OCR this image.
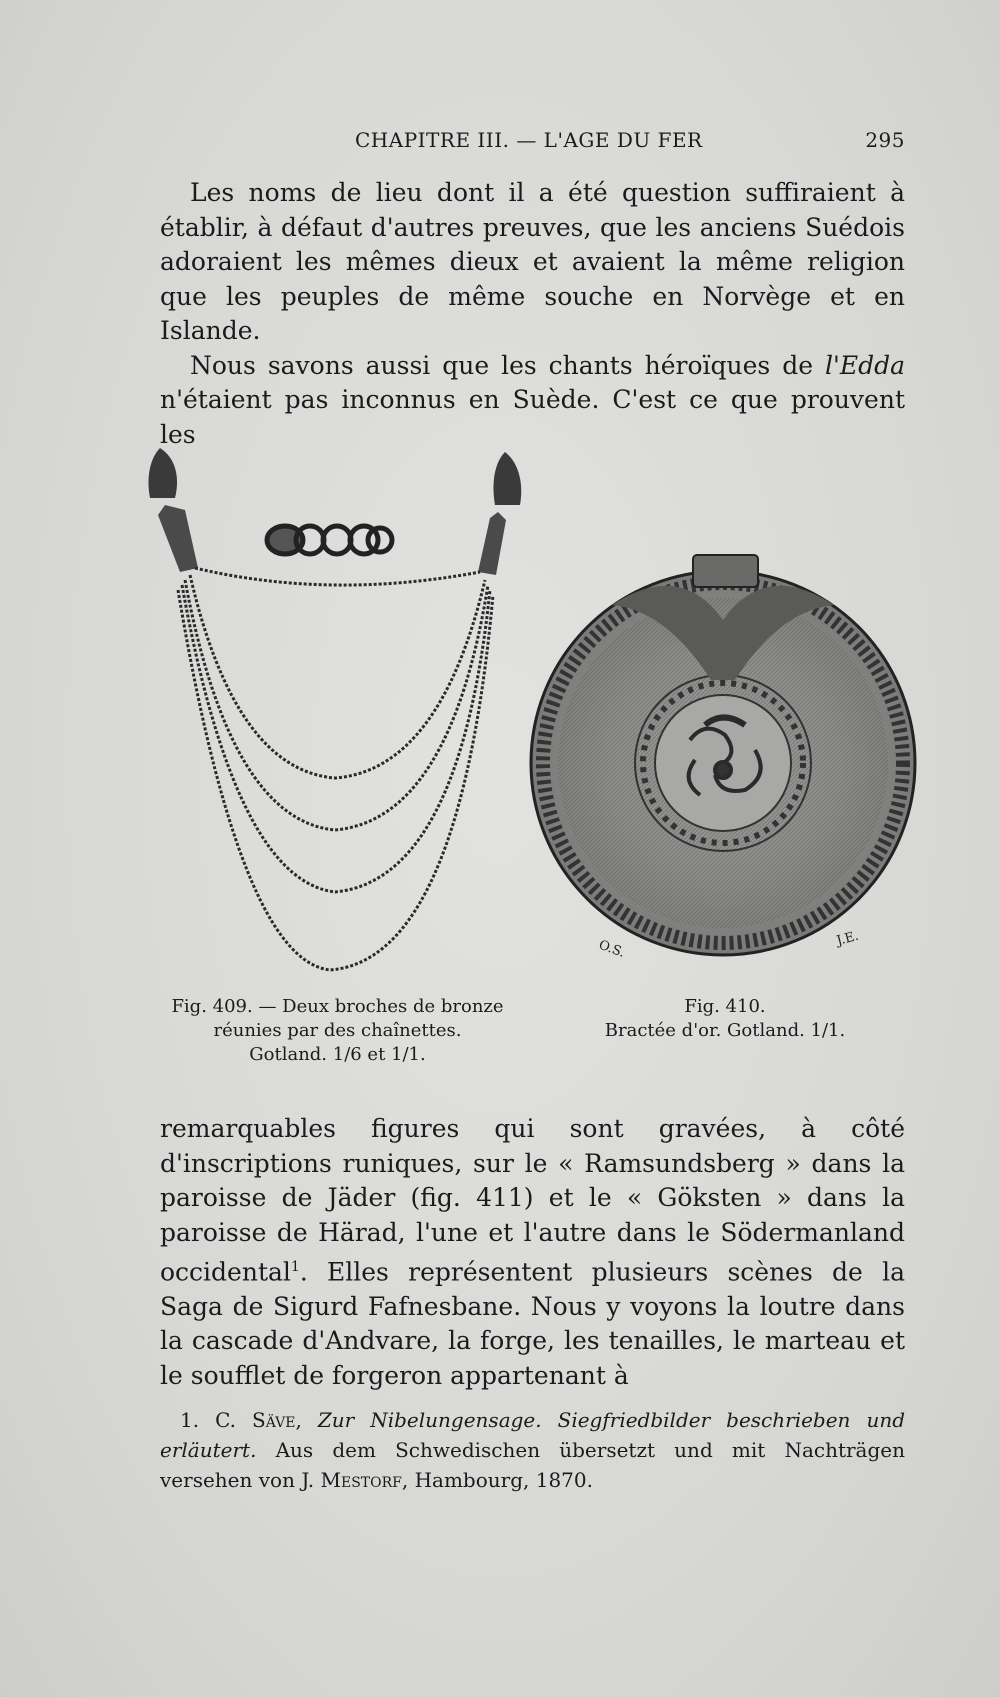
CHAPITRE III. — L'AGE DU FER	295

Les noms de lieu dont il a été question suffiraient à établir, à défaut d'autres preuves, que les anciens Suédois adoraient les mêmes dieux et avaient la même religion que les peuples de même souche en Norvège et en Islande.

Nous savons aussi que les chants héroïques de l'Edda n'étaient pas inconnus en Suède. C'est ce que prouvent les

O.S.	J.E.
Fig. 409. — Deux broches de bronze
réunies par des chaînettes.
Gotland. 1/6 et 1/1.
Fig. 410.
Bractée d'or. Gotland. 1/1.

remarquables figures qui sont gravées, à côté d'inscriptions runiques, sur le « Ramsundsberg » dans la paroisse de Jäder (fig. 411) et le « Göksten » dans la paroisse de Härad, l'une et l'autre dans le Södermanland occidental$^1$. Elles représentent plusieurs scènes de la Saga de Sigurd Fafnesbane. Nous y voyons la loutre dans la cascade d'Andvare, la forge, les tenailles, le marteau et le soufflet de forgeron appartenant à

1. C. Säve, Zur Nibelungensage. Siegfriedbilder beschrieben und erläutert. Aus dem Schwedischen übersetzt und mit Nachträgen versehen von J. Mestorf, Hambourg, 1870.
